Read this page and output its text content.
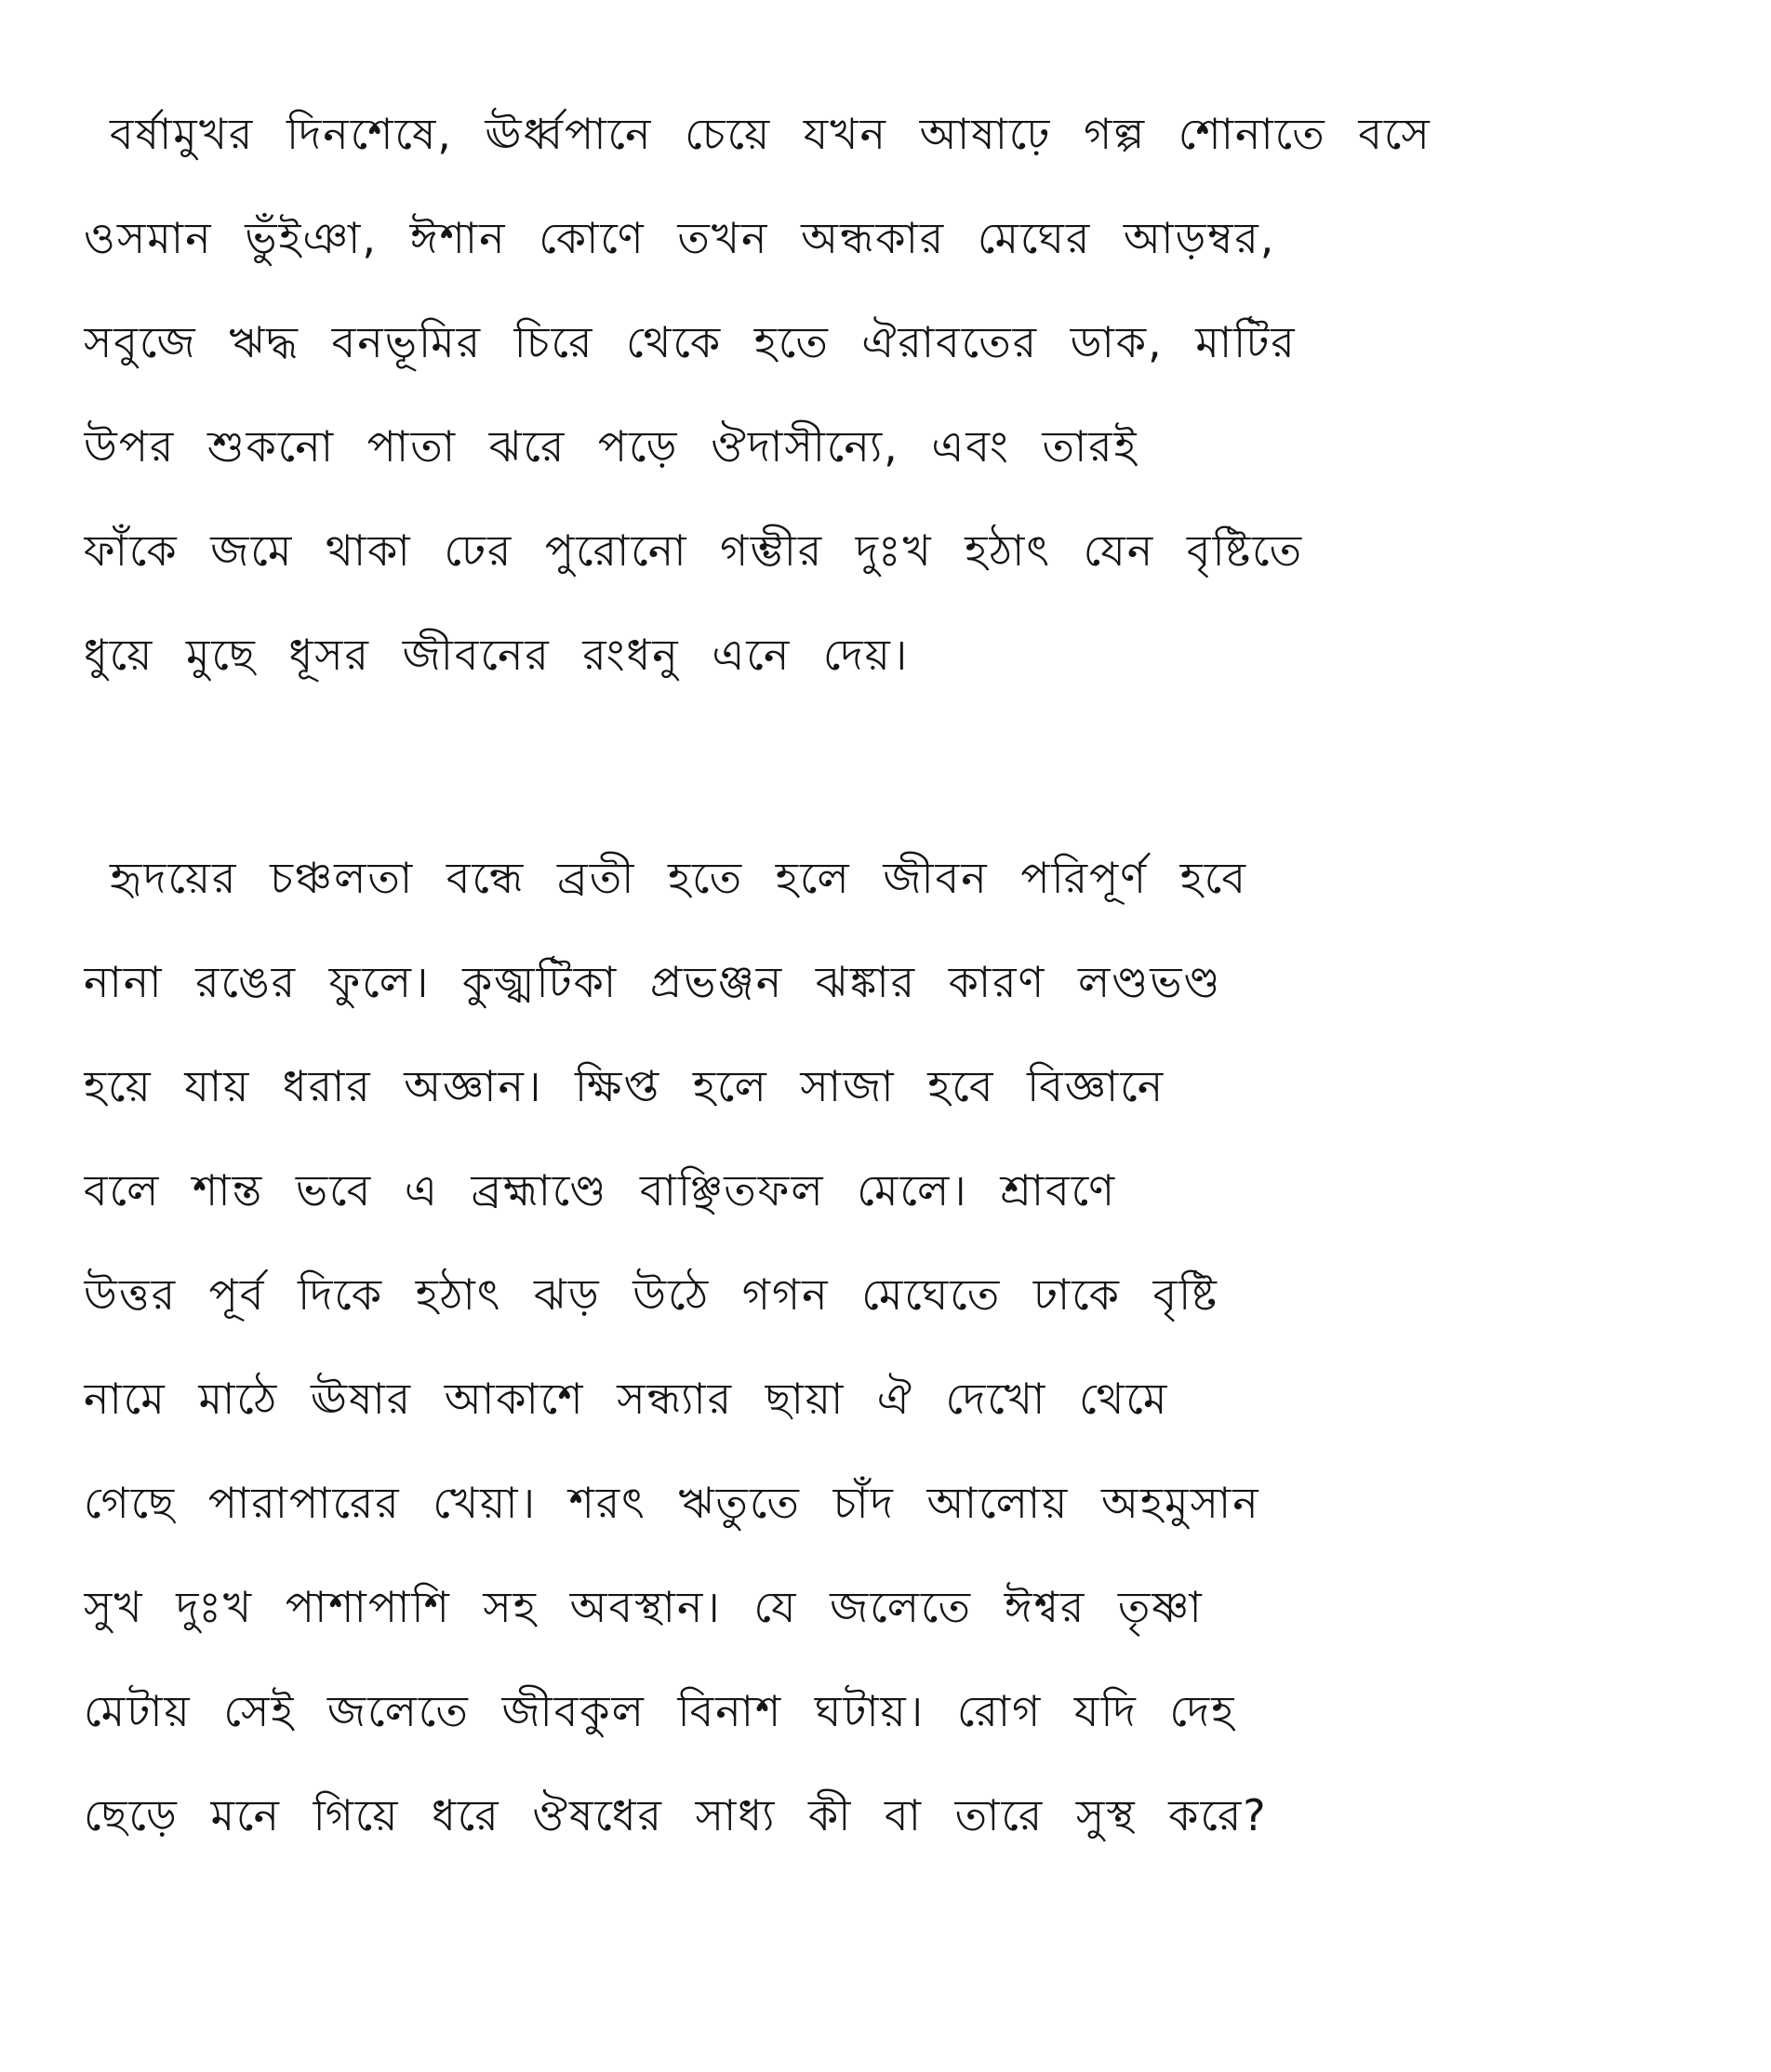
বর্ষামুখর দিনশেষে, ঊর্ধ্বপানে চেয়ে যখন আষাঢ়ে গল্প শোনাতে বসে
ওসমান ভুঁইঞা, ঈশান কোণে তখন অন্ধকার মেঘের আড়ম্বর,
সবুজে ঋদ্ধ বনভূমির চিরে থেকে হতে ঐরাবতের ডাক, মাটির
উপর শুকনো পাতা ঝরে পড়ে ঔদাসীন্যে, এবং তারই
ফাঁকে জমে থাকা ঢের পুরোনো গম্ভীর দুঃখ হঠাৎ যেন বৃষ্টিতে
ধুয়ে মুছে ধূসর জীবনের রংধনু এনে দেয়।
হৃদয়ের চঞ্চলতা বন্ধে ব্রতী হতে হলে জীবন পরিপূর্ণ হবে
নানা রঙের ফুলে। কুজ্ঝটিকা প্রভঞ্জন ঝঙ্কার কারণ লণ্ডভণ্ড
হয়ে যায় ধরার অজ্ঞান। ক্ষিপ্ত হলে সাজা হবে বিজ্ঞানে
বলে শান্ত ভবে এ ব্রহ্মাণ্ডে বাঞ্ছিতফল মেলে। শ্রাবণে
উত্তর পূর্ব দিকে হঠাৎ ঝড় উঠে গগন মেঘেতে ঢাকে বৃষ্টি
নামে মাঠে ঊষার আকাশে সন্ধ্যার ছায়া ঐ দেখো থেমে
গেছে পারাপারের খেয়া। শরৎ ঋতুতে চাঁদ আলোয় অহমুসান
সুখ দুঃখ পাশাপাশি সহ অবস্থান। যে জলেতে ঈশ্বর তৃষ্ণা
মেটায় সেই জলেতে জীবকুল বিনাশ ঘটায়। রোগ যদি দেহ
ছেড়ে মনে গিয়ে ধরে ঔষধের সাধ্য কী বা তারে সুস্থ করে?
